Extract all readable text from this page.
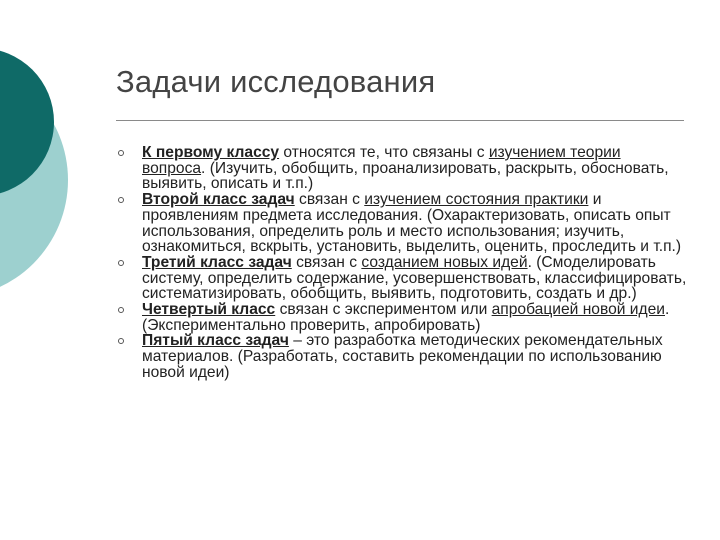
Задачи исследования
К первому классу относятся те, что связаны с изучением теории вопроса. (Изучить, обобщить, проанализировать, раскрыть, обосновать, выявить, описать и т.п.)
Второй класс задач связан с изучением состояния практики и проявлениям предмета исследования. (Охарактеризовать, описать опыт использования, определить роль и место использования; изучить, ознакомиться, вскрыть, установить, выделить, оценить, проследить и т.п.)
Третий класс задач связан с созданием новых идей. (Смоделировать систему, определить содержание, усовершенствовать, классифицировать, систематизировать, обобщить, выявить, подготовить, создать и др.)
Четвертый класс связан с экспериментом или апробацией новой идеи. (Экспериментально проверить, апробировать)
Пятый класс задач – это разработка методических рекомендательных материалов. (Разработать, составить рекомендации по использованию новой идеи)
